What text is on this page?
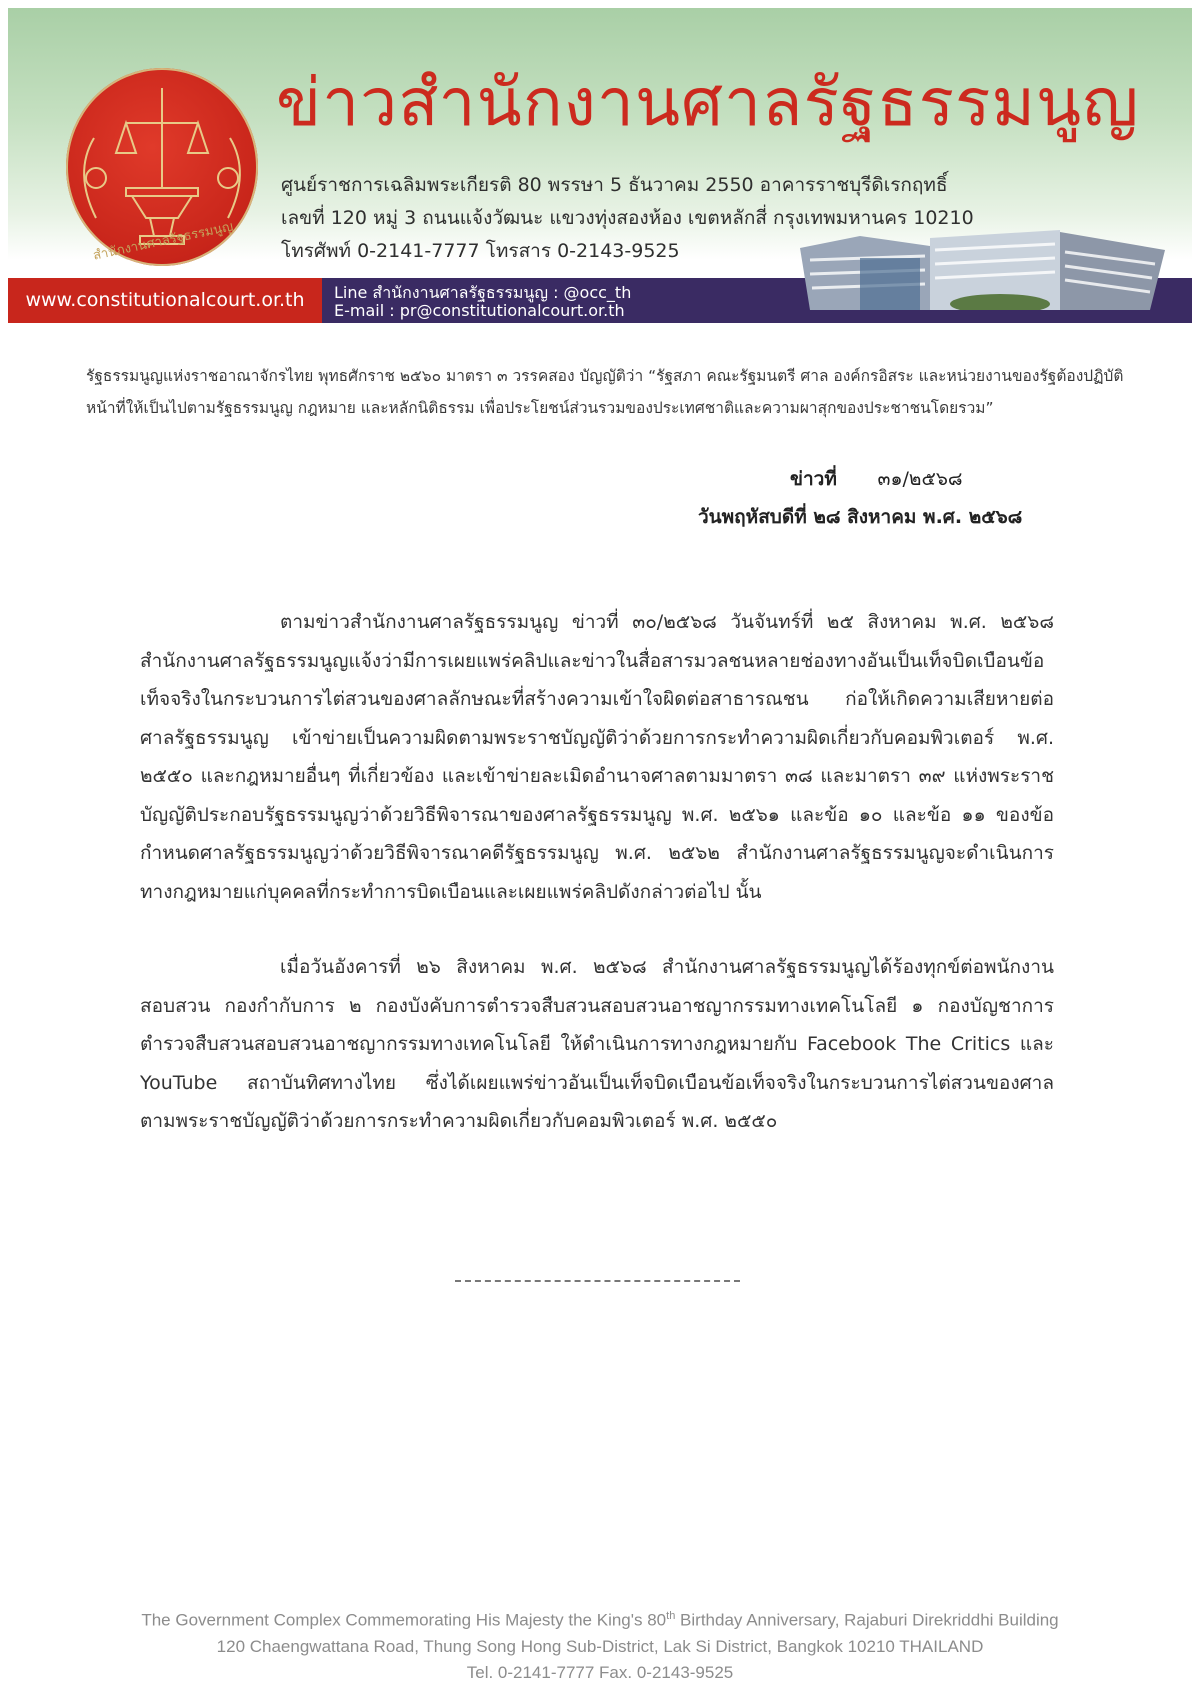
สำนักงานศาลรัฐธรรมนูญ
ข่าวสำนักงานศาลรัฐธรรมนูญ
ศูนย์ราชการเฉลิมพระเกียรติ 80 พรรษา 5 ธันวาคม 2550 อาคารราชบุรีดิเรกฤทธิ์
เลขที่ 120 หมู่ 3 ถนนแจ้งวัฒนะ แขวงทุ่งสองห้อง เขตหลักสี่ กรุงเทพมหานคร 10210
โทรศัพท์ 0-2141-7777 โทรสาร 0-2143-9525
www.constitutionalcourt.or.th	Line สำนักงานศาลรัฐธรรมนูญ : @occ_th
E-mail : pr@constitutionalcourt.or.th
รัฐธรรมนูญแห่งราชอาณาจักรไทย พุทธศักราช ๒๕๖๐ มาตรา ๓ วรรคสอง บัญญัติว่า “รัฐสภา คณะรัฐมนตรี ศาล องค์กรอิสระ และหน่วยงานของรัฐต้องปฏิบัติหน้าที่ให้เป็นไปตามรัฐธรรมนูญ กฎหมาย และหลักนิติธรรม เพื่อประโยชน์ส่วนรวมของประเทศชาติและความผาสุกของประชาชนโดยรวม”
ข่าวที่ ๓๑/๒๕๖๘
วันพฤหัสบดีที่ ๒๘ สิงหาคม พ.ศ. ๒๕๖๘
ตามข่าวสำนักงานศาลรัฐธรรมนูญ ข่าวที่ ๓๐/๒๕๖๘ วันจันทร์ที่ ๒๕ สิงหาคม พ.ศ. ๒๕๖๘ สำนักงานศาลรัฐธรรมนูญแจ้งว่ามีการเผยแพร่คลิปและข่าวในสื่อสารมวลชนหลายช่องทางอันเป็นเท็จบิดเบือนข้อเท็จจริงในกระบวนการไต่สวนของศาลลักษณะที่สร้างความเข้าใจผิดต่อสาธารณชน ก่อให้เกิดความเสียหายต่อศาลรัฐธรรมนูญ เข้าข่ายเป็นความผิดตามพระราชบัญญัติว่าด้วยการกระทำความผิดเกี่ยวกับคอมพิวเตอร์ พ.ศ. ๒๕๕๐ และกฎหมายอื่นๆ ที่เกี่ยวข้อง และเข้าข่ายละเมิดอำนาจศาลตามมาตรา ๓๘ และมาตรา ๓๙ แห่งพระราชบัญญัติประกอบรัฐธรรมนูญว่าด้วยวิธีพิจารณาของศาลรัฐธรรมนูญ พ.ศ. ๒๕๖๑ และข้อ ๑๐ และข้อ ๑๑ ของข้อกำหนดศาลรัฐธรรมนูญว่าด้วยวิธีพิจารณาคดีรัฐธรรมนูญ พ.ศ. ๒๕๖๒ สำนักงานศาลรัฐธรรมนูญจะดำเนินการทางกฎหมายแก่บุคคลที่กระทำการบิดเบือนและเผยแพร่คลิปดังกล่าวต่อไป นั้น
เมื่อวันอังคารที่ ๒๖ สิงหาคม พ.ศ. ๒๕๖๘ สำนักงานศาลรัฐธรรมนูญได้ร้องทุกข์ต่อพนักงานสอบสวน กองกำกับการ ๒ กองบังคับการตำรวจสืบสวนสอบสวนอาชญากรรมทางเทคโนโลยี ๑ กองบัญชาการตำรวจสืบสวนสอบสวนอาชญากรรมทางเทคโนโลยี ให้ดำเนินการทางกฎหมายกับ Facebook The Critics และ YouTube สถาบันทิศทางไทย ซึ่งได้เผยแพร่ข่าวอันเป็นเท็จบิดเบือนข้อเท็จจริงในกระบวนการไต่สวนของศาลตามพระราชบัญญัติว่าด้วยการกระทำความผิดเกี่ยวกับคอมพิวเตอร์ พ.ศ. ๒๕๕๐
The Government Complex Commemorating His Majesty the King's 80th Birthday Anniversary, Rajaburi Direkriddhi Building
120 Chaengwattana Road, Thung Song Hong Sub-District, Lak Si District, Bangkok 10210 THAILAND
Tel. 0-2141-7777 Fax. 0-2143-9525
